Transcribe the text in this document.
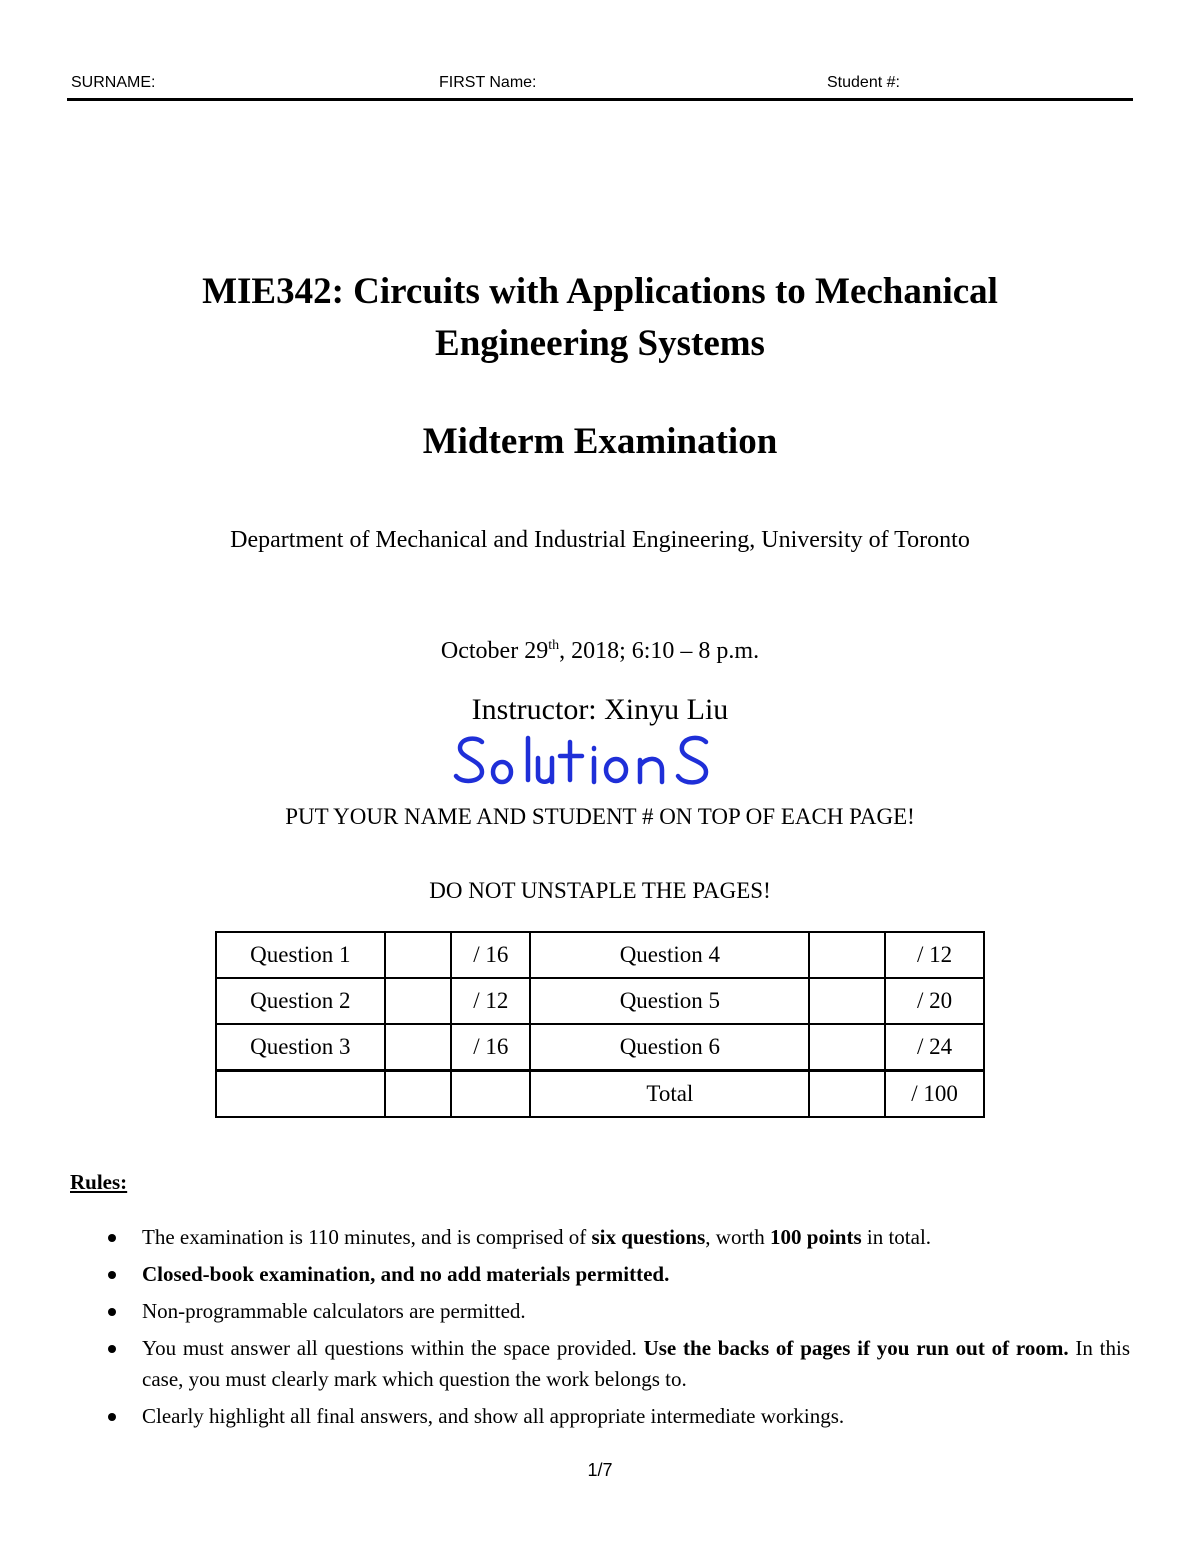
SURNAME:	FIRST Name:	Student #:
MIE342: Circuits with Applications to Mechanical
Engineering Systems
Midterm Examination
Department of Mechanical and Industrial Engineering, University of Toronto
October 29th, 2018; 6:10 – 8 p.m.
Instructor: Xinyu Liu
PUT YOUR NAME AND STUDENT # ON TOP OF EACH PAGE!
DO NOT UNSTAPLE THE PAGES!
Question 1		/ 16	Question 4		/ 12
Question 2		/ 12	Question 5		/ 20
Question 3		/ 16	Question 6		/ 24
			Total		/ 100
Rules:
The examination is 110 minutes, and is comprised of six questions, worth 100 points in total.
Closed-book examination, and no add materials permitted.
Non-programmable calculators are permitted.
You must answer all questions within the space provided. Use the backs of pages if you run out of room. In this case, you must clearly mark which question the work belongs to.
Clearly highlight all final answers, and show all appropriate intermediate workings.
1/7
